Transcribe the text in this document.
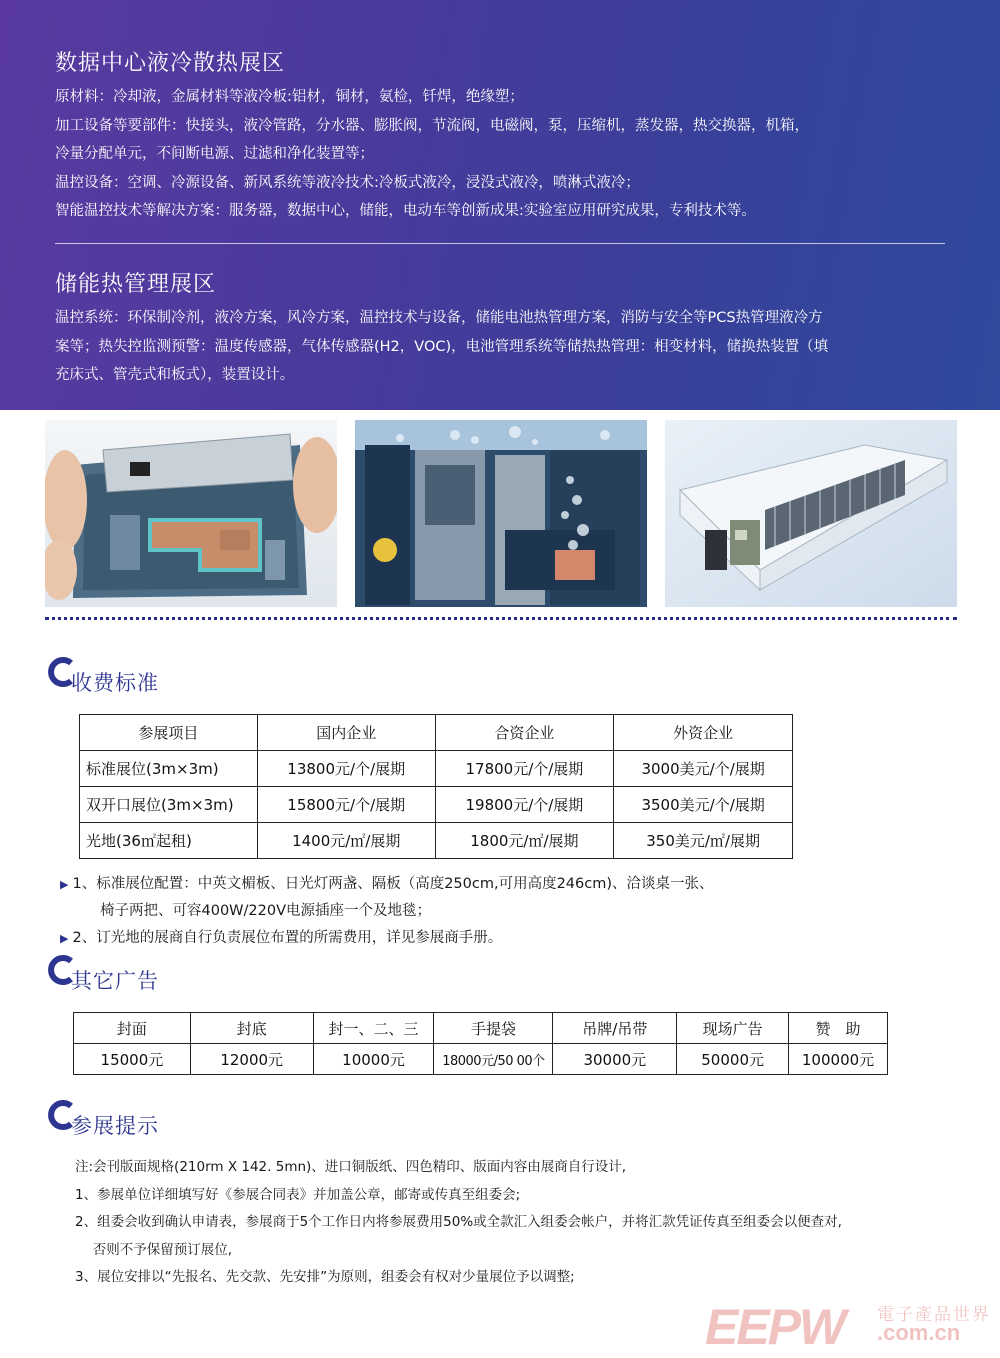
数据中心液冷散热展区
原材料：冷却液，金属材料等液冷板:铝材，铜材，氨检，钎焊，绝缘塑；
加工设备等要部件：快接头，液冷管路，分水器、膨胀阀，节流阀，电磁阀，泵，压缩机，蒸发器，热交换器，机箱，
冷量分配单元，不间断电源、过滤和净化装置等；
温控设备：空调、冷源设备、新风系统等液冷技术:冷板式液冷，浸没式液冷，喷淋式液冷；
智能温控技术等解决方案：服务器，数据中心，储能，电动车等创新成果:实验室应用研究成果，专利技术等。
储能热管理展区
温控系统：环保制冷剂，液冷方案，风冷方案，温控技术与设备，储能电池热管理方案，消防与安全等PCS热管理液冷方
案等；热失控监测预警：温度传感器，气体传感器(H2，VOC)，电池管理系统等储热热管理：相变材料，储换热装置（填
充床式、管壳式和板式），装置设计。
收费标准
参展项目	国内企业	合资企业	外资企业
标准展位(3m×3m)	13800元/个/展期	17800元/个/展期	3000美元/个/展期
双开口展位(3m×3m)	15800元/个/展期	19800元/个/展期	3500美元/个/展期
光地(36㎡起租)	1400元/㎡/展期	1800元/㎡/展期	350美元/㎡/展期
▶ 1、标准展位配置：中英文楣板、日光灯两盏、隔板（高度250cm,可用高度246cm)、洽谈桌一张、
椅子两把、可容400W/220V电源插座一个及地毯；
▶ 2、订光地的展商自行负责展位布置的所需费用，详见参展商手册。
其它广告
封面	封底	封一、二、三	手提袋	吊牌/吊带	现场广告	赞　助
15000元	12000元	10000元	18000元/50 00个	30000元	50000元	100000元
参展提示
注:会刊版面规格(210rm X 142. 5mn)、进口铜版纸、四色精印、版面内容由展商自行设计,
1、参展单位详细填写好《参展合同表》并加盖公章，邮寄或传真至组委会;
2、组委会收到确认申请表，参展商于5个工作日内将参展费用50%或全款汇入组委会帐户，并将汇款凭证传真至组委会以便查对,
　 否则不予保留预订展位,
3、展位安排以“先报名、先交款、先安排”为原则，组委会有权对少量展位予以调整;
EEPW 電子產品世界
.com.cn
